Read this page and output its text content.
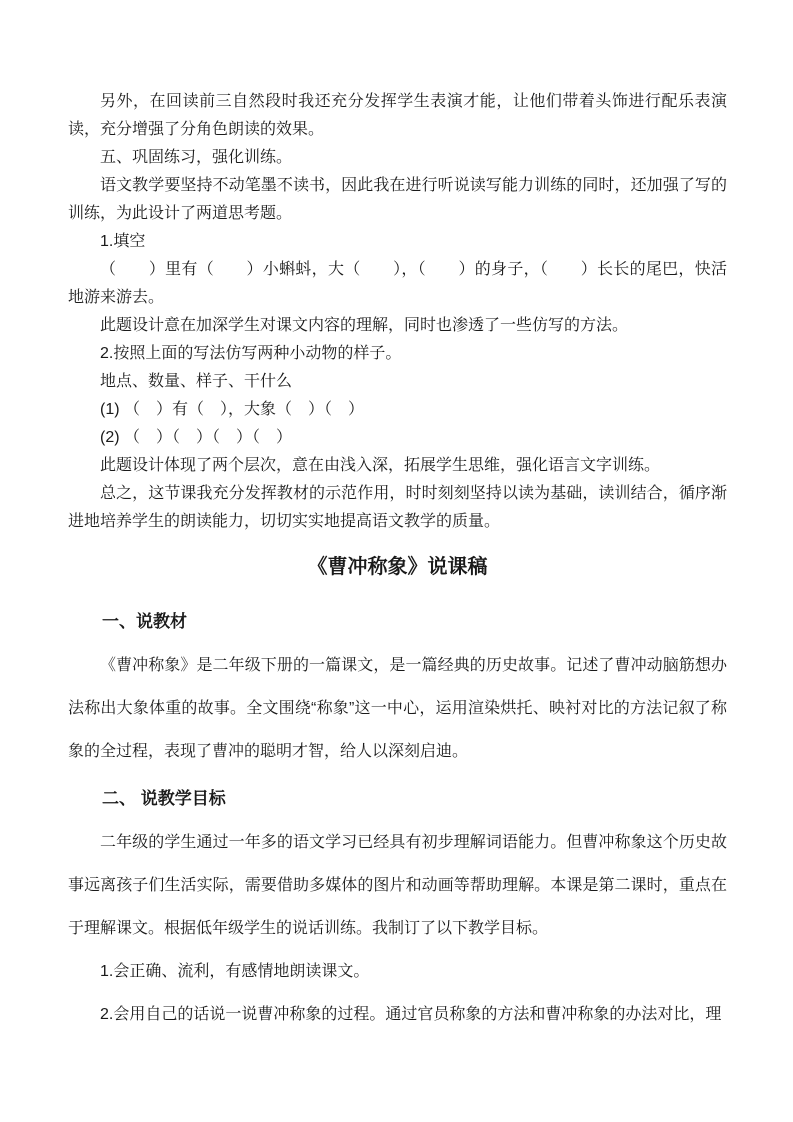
另外，在回读前三自然段时我还充分发挥学生表演才能，让他们带着头饰进行配乐表演读，充分增强了分角色朗读的效果。

五、巩固练习，强化训练。

语文教学要坚持不动笔墨不读书，因此我在进行听说读写能力训练的同时，还加强了写的训练，为此设计了两道思考题。

1.填空

（　　）里有（　　）小蝌蚪，大（　　），（　　）的身子，（　　）长长的尾巴，快活地游来游去。

此题设计意在加深学生对课文内容的理解，同时也渗透了一些仿写的方法。

2.按照上面的写法仿写两种小动物的样子。

地点、数量、样子、干什么

(1) （　）有（　），大象（　）（　）

(2) （　）（　）（　）（　）

此题设计体现了两个层次，意在由浅入深，拓展学生思维，强化语言文字训练。

总之，这节课我充分发挥教材的示范作用，时时刻刻坚持以读为基础，读训结合，循序渐进地培养学生的朗读能力，切切实实地提高语文教学的质量。

《曹冲称象》说课稿

一、说教材

《曹冲称象》是二年级下册的一篇课文，是一篇经典的历史故事。记述了曹冲动脑筋想办法称出大象体重的故事。全文围绕“称象”这一中心，运用渲染烘托、映衬对比的方法记叙了称象的全过程，表现了曹冲的聪明才智，给人以深刻启迪。

二、 说教学目标

二年级的学生通过一年多的语文学习已经具有初步理解词语能力。但曹冲称象这个历史故事远离孩子们生活实际，需要借助多媒体的图片和动画等帮助理解。本课是第二课时，重点在于理解课文。根据低年级学生的说话训练。我制订了以下教学目标。

1.会正确、流利，有感情地朗读课文。

2.会用自己的话说一说曹冲称象的过程。通过官员称象的方法和曹冲称象的办法对比，理
